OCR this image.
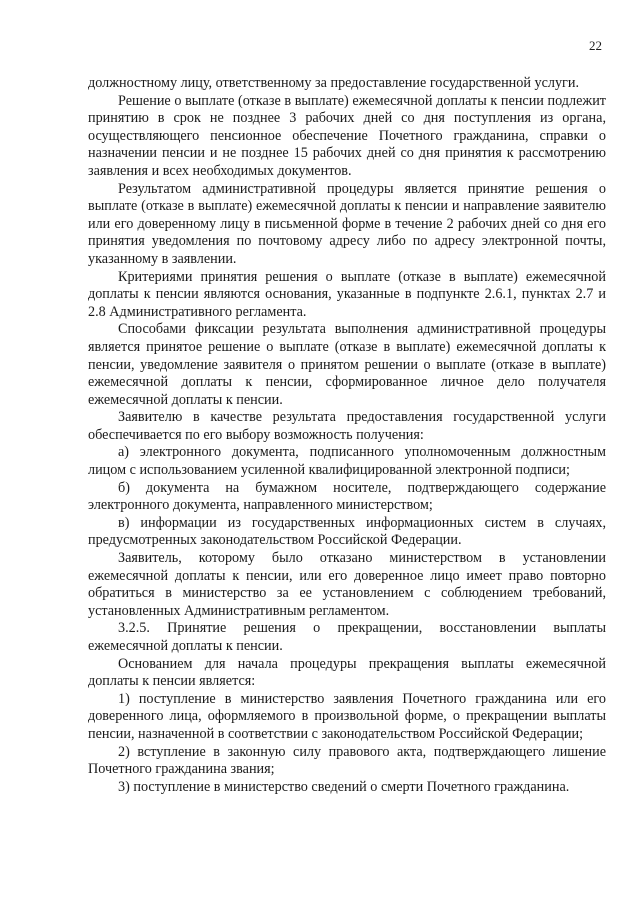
22

должностному лицу, ответственному за предоставление государственной услуги.

Решение о выплате (отказе в выплате) ежемесячной доплаты к пенсии подлежит принятию в срок не позднее 3 рабочих дней со дня поступления из органа, осуществляющего пенсионное обеспечение Почетного гражданина, справки о назначении пенсии и не позднее 15 рабочих дней со дня принятия к рассмотрению заявления и всех необходимых документов.

Результатом административной процедуры является принятие решения о выплате (отказе в выплате) ежемесячной доплаты к пенсии и направление заявителю или его доверенному лицу в письменной форме в течение 2 рабочих дней со дня его принятия уведомления по почтовому адресу либо по адресу электронной почты, указанному в заявлении.

Критериями принятия решения о выплате (отказе в выплате) ежемесячной доплаты к пенсии являются основания, указанные в подпункте 2.6.1, пунктах 2.7 и 2.8 Административного регламента.

Способами фиксации результата выполнения административной процедуры является принятое решение о выплате (отказе в выплате) ежемесячной доплаты к пенсии, уведомление заявителя о принятом решении о выплате (отказе в выплате) ежемесячной доплаты к пенсии, сформированное личное дело получателя ежемесячной доплаты к пенсии.

Заявителю в качестве результата предоставления государственной услуги обеспечивается по его выбору возможность получения:

а) электронного документа, подписанного уполномоченным должностным лицом с использованием усиленной квалифицированной электронной подписи;

б) документа на бумажном носителе, подтверждающего содержание электронного документа, направленного министерством;

в) информации из государственных информационных систем в случаях, предусмотренных законодательством Российской Федерации.

Заявитель, которому было отказано министерством в установлении ежемесячной доплаты к пенсии, или его доверенное лицо имеет право повторно обратиться в министерство за ее установлением с соблюдением требований, установленных Административным регламентом.

3.2.5. Принятие решения о прекращении, восстановлении выплаты ежемесячной доплаты к пенсии.

Основанием для начала процедуры прекращения выплаты ежемесячной доплаты к пенсии является:

1) поступление в министерство заявления Почетного гражданина или его доверенного лица, оформляемого в произвольной форме, о прекращении выплаты пенсии, назначенной в соответствии с законодательством Российской Федерации;

2) вступление в законную силу правового акта, подтверждающего лишение Почетного гражданина звания;

3) поступление в министерство сведений о смерти Почетного гражданина.
